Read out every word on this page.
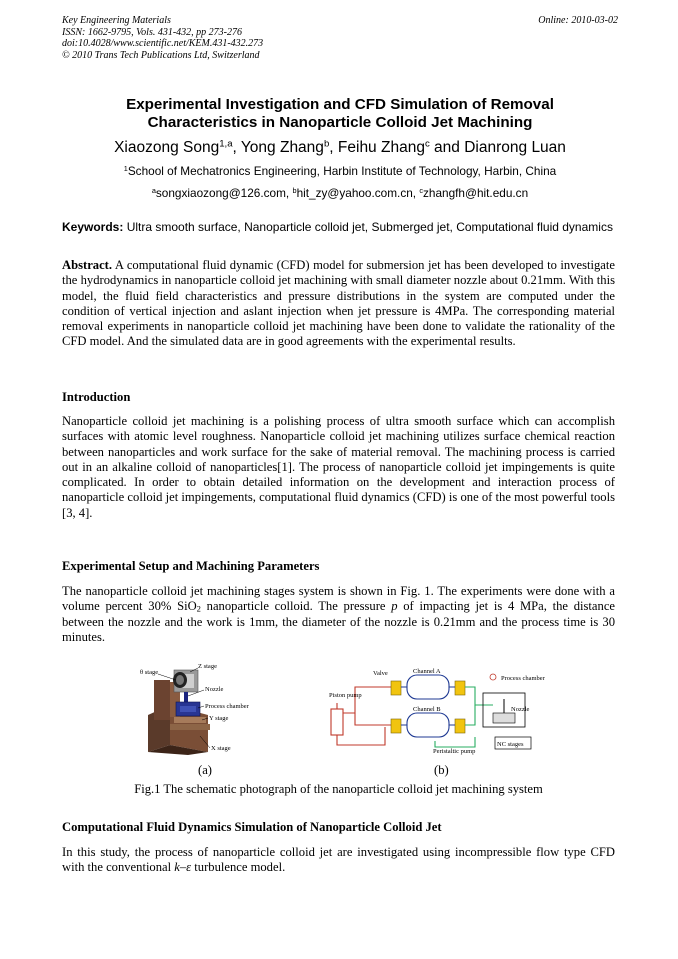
Key Engineering Materials
ISSN: 1662-9795, Vols. 431-432, pp 273-276
doi:10.4028/www.scientific.net/KEM.431-432.273
© 2010 Trans Tech Publications Ltd, Switzerland
Online: 2010-03-02
Experimental Investigation and CFD Simulation of Removal
Characteristics in Nanoparticle Colloid Jet Machining
Xiaozong Song$^{1,a}$, Yong Zhang$^b$, Feihu Zhang$^c$ and Dianrong Luan
$^1$School of Mechatronics Engineering, Harbin Institute of Technology, Harbin, China
$^a$songxiaozong@126.com, $^b$hit_zy@yahoo.com.cn, $^c$zhangfh@hit.edu.cn
Keywords: Ultra smooth surface, Nanoparticle colloid jet, Submerged jet, Computational fluid dynamics
Abstract. A computational fluid dynamic (CFD) model for submersion jet has been developed to investigate the hydrodynamics in nanoparticle colloid jet machining with small diameter nozzle about 0.21mm. With this model, the fluid field characteristics and pressure distributions in the system are computed under the condition of vertical injection and aslant injection when jet pressure is 4MPa. The corresponding material removal experiments in nanoparticle colloid jet machining have been done to validate the rationality of the CFD model. And the simulated data are in good agreements with the experimental results.
Introduction
Nanoparticle colloid jet machining is a polishing process of ultra smooth surface which can accomplish surfaces with atomic level roughness. Nanoparticle colloid jet machining utilizes surface chemical reaction between nanoparticles and work surface for the sake of material removal. The machining process is carried out in an alkaline colloid of nanoparticles[1]. The process of nanoparticle colloid jet impingements is quite complicated. In order to obtain detailed information on the development and interaction process of nanoparticle colloid jet impingements, computational fluid dynamics (CFD) is one of the most powerful tools [3, 4].
Experimental Setup and Machining Parameters
The nanoparticle colloid jet machining stages system is shown in Fig. 1. The experiments were done with a volume percent 30% SiO$_2$ nanoparticle colloid. The pressure p of impacting jet is 4 MPa, the distance between the nozzle and the work is 1mm, the diameter of the nozzle is 0.21mm and the process time is 30 minutes.
θ stage
Z stage
Nozzle
Process chamber
Y stage
X stage
Valve	Channel A
Channel B
Piston pump
Process chamber
Nozzle
Peristaltic pump
NC stages
(a)	(b)
Fig.1 The schematic photograph of the nanoparticle colloid jet machining system
Computational Fluid Dynamics Simulation of Nanoparticle Colloid Jet
In this study, the process of nanoparticle colloid jet are investigated using incompressible flow type CFD with the conventional k–ε turbulence model.
